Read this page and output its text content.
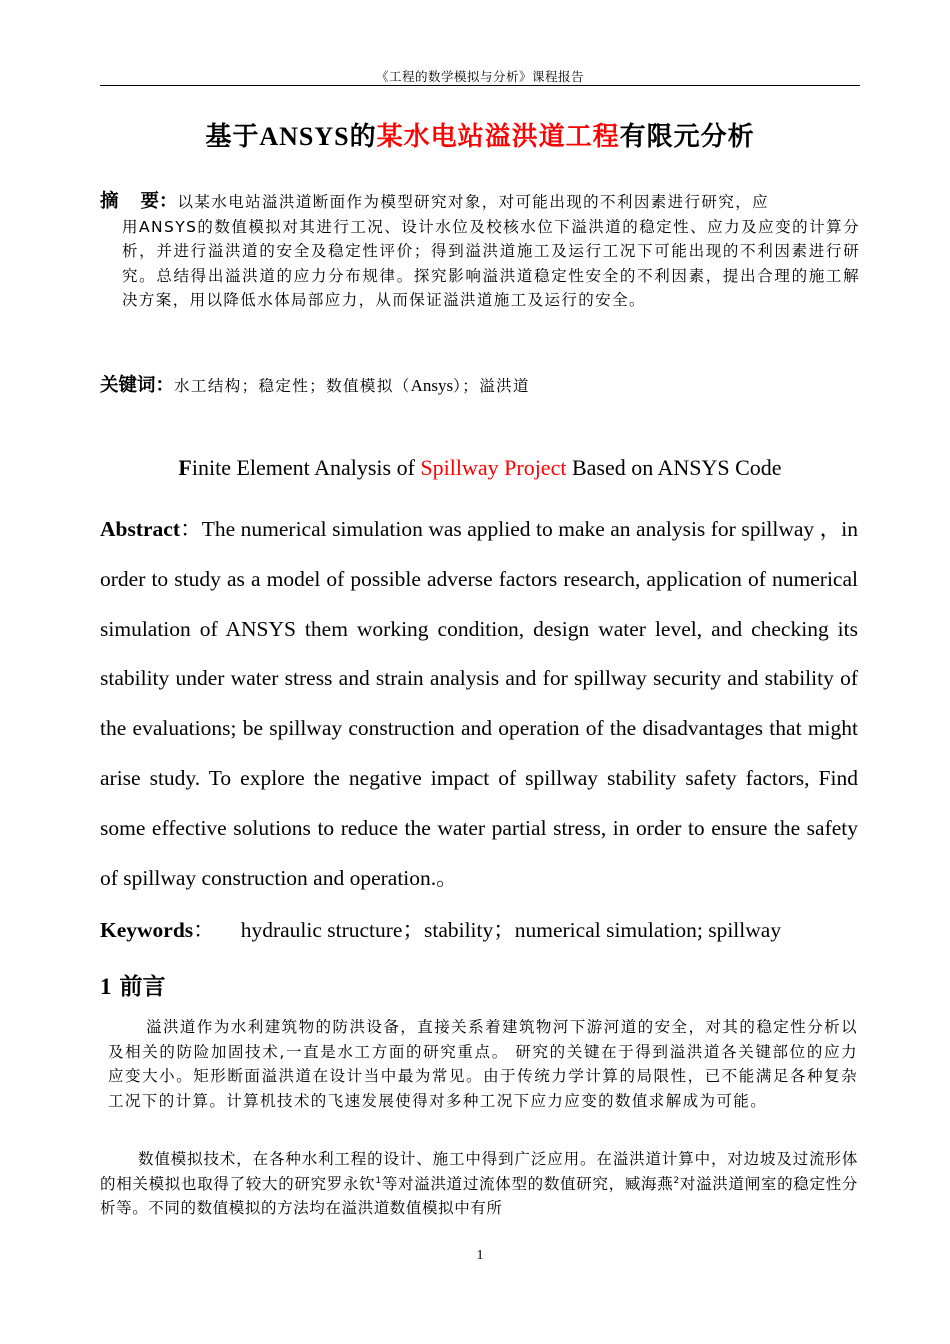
《工程的数学模拟与分析》课程报告
基于ANSYS的某水电站溢洪道工程有限元分析
摘 要：以某水电站溢洪道断面作为模型研究对象，对可能出现的不利因素进行研究，应
用ANSYS的数值模拟对其进行工况、设计水位及校核水位下溢洪道的稳定性、应力及应变的计算分析，并进行溢洪道的安全及稳定性评价；得到溢洪道施工及运行工况下可能出现的不利因素进行研究。总结得出溢洪道的应力分布规律。探究影响溢洪道稳定性安全的不利因素，提出合理的施工解决方案，用以降低水体局部应力，从而保证溢洪道施工及运行的安全。
关键词：水工结构；稳定性；数值模拟（Ansys）；溢洪道
Finite Element Analysis of Spillway Project Based on ANSYS Code
Abstract：The numerical simulation was applied to make an analysis for spillway ，in order to study as a model of possible adverse factors research, application of numerical simulation of ANSYS them working condition, design water level, and checking its stability under water stress and strain analysis and for spillway security and stability of the evaluations; be spillway construction and operation of the disadvantages that might arise study. To explore the negative impact of spillway stability safety factors, Find some effective solutions to reduce the water partial stress, in order to ensure the safety of spillway construction and operation.。
Keywords： hydraulic structure；stability；numerical simulation; spillway
1 前言
溢洪道作为水利建筑物的防洪设备，直接关系着建筑物河下游河道的安全，对其的稳定性分析以及相关的防险加固技术,一直是水工方面的研究重点。 研究的关键在于得到溢洪道各关键部位的应力应变大小。矩形断面溢洪道在设计当中最为常见。由于传统力学计算的局限性，已不能满足各种复杂工况下的计算。计算机技术的飞速发展使得对多种工况下应力应变的数值求解成为可能。
数值模拟技术，在各种水利工程的设计、施工中得到广泛应用。在溢洪道计算中，对边坡及过流形体的相关模拟也取得了较大的研究罗永钦$^1$等对溢洪道过流体型的数值研究，臧海燕$^2$对溢洪道闸室的稳定性分析等。不同的数值模拟的方法均在溢洪道数值模拟中有所
1
